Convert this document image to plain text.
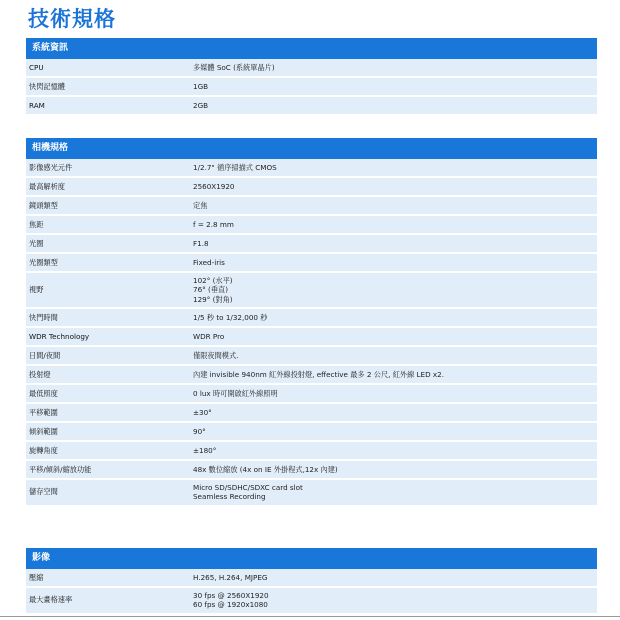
技術規格
系統資訊
CPU	多媒體 SoC (系統單晶片)
快閃記憶體	1GB
RAM	2GB
相機規格
影像感光元件	1/2.7" 循序掃描式 CMOS
最高解析度	2560X1920
鏡頭類型	定焦
焦距	f = 2.8 mm
光圈	F1.8
光圈類型	Fixed-iris
視野
102° (水平)
76° (垂直)
129° (對角)
快門時間	1/5 秒 to 1/32,000 秒
WDR Technology	WDR Pro
日間/夜間	僅限夜間模式.
投射燈	內建 invisible 940nm 紅外線投射燈, effective 最多 2 公尺, 紅外線 LED x2.
最低照度	0 lux 時可開啟紅外線照明
平移範圍	±30°
傾斜範圍	90°
旋轉角度	±180°
平移/傾斜/縮放功能	48x 數位縮放 (4x on IE 外掛程式,12x 內建)
儲存空間	Micro SD/SDHC/SDXC card slot
Seamless Recording
影像
壓縮	H.265, H.264, MJPEG
最大畫格速率	30 fps @ 2560X1920
60 fps @ 1920x1080
